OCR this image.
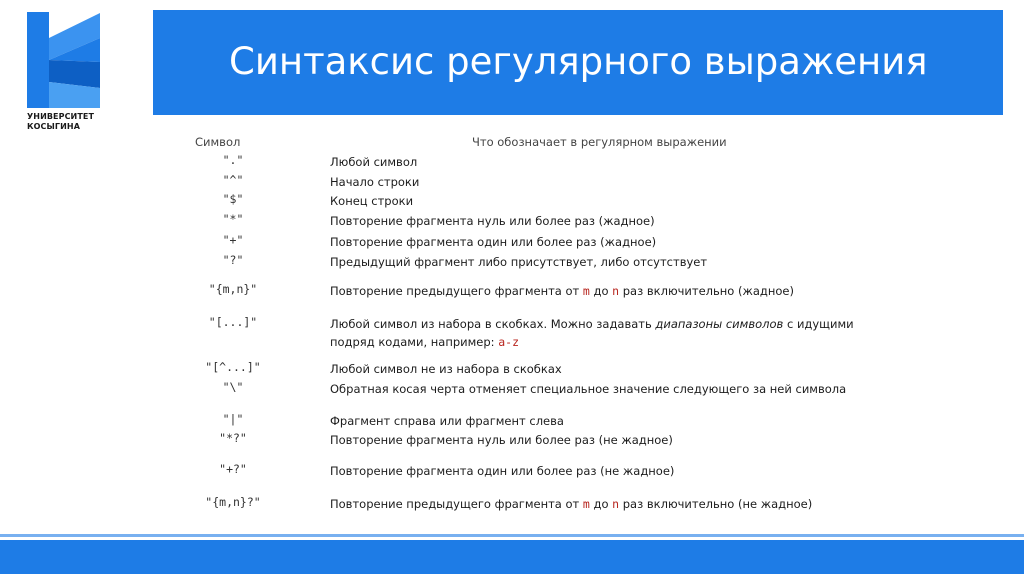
УНИВЕРСИТЕТ
КОСЫГИНА
Синтаксис регулярного выражения
Символ	Что обозначает в регулярном выражении
"."	Любой символ
"^"	Начало строки
"$"	Конец строки
"*"	Повторение фрагмента нуль или более раз (жадное)
"+"	Повторение фрагмента один или более раз (жадное)
"?"	Предыдущий фрагмент либо присутствует, либо отсутствует
"{m,n}"	Повторение предыдущего фрагмента от m до n раз включительно (жадное)
"[...]"	Любой символ из набора в скобках. Можно задавать диапазоны символов с идущими подряд кодами, например: a-z
"[^...]"	Любой символ не из набора в скобках
"\"	Обратная косая черта отменяет специальное значение следующего за ней символа
"|"	Фрагмент справа или фрагмент слева
"*?"	Повторение фрагмента нуль или более раз (не жадное)
"+?"	Повторение фрагмента один или более раз (не жадное)
"{m,n}?"	Повторение предыдущего фрагмента от m до n раз включительно (не жадное)
